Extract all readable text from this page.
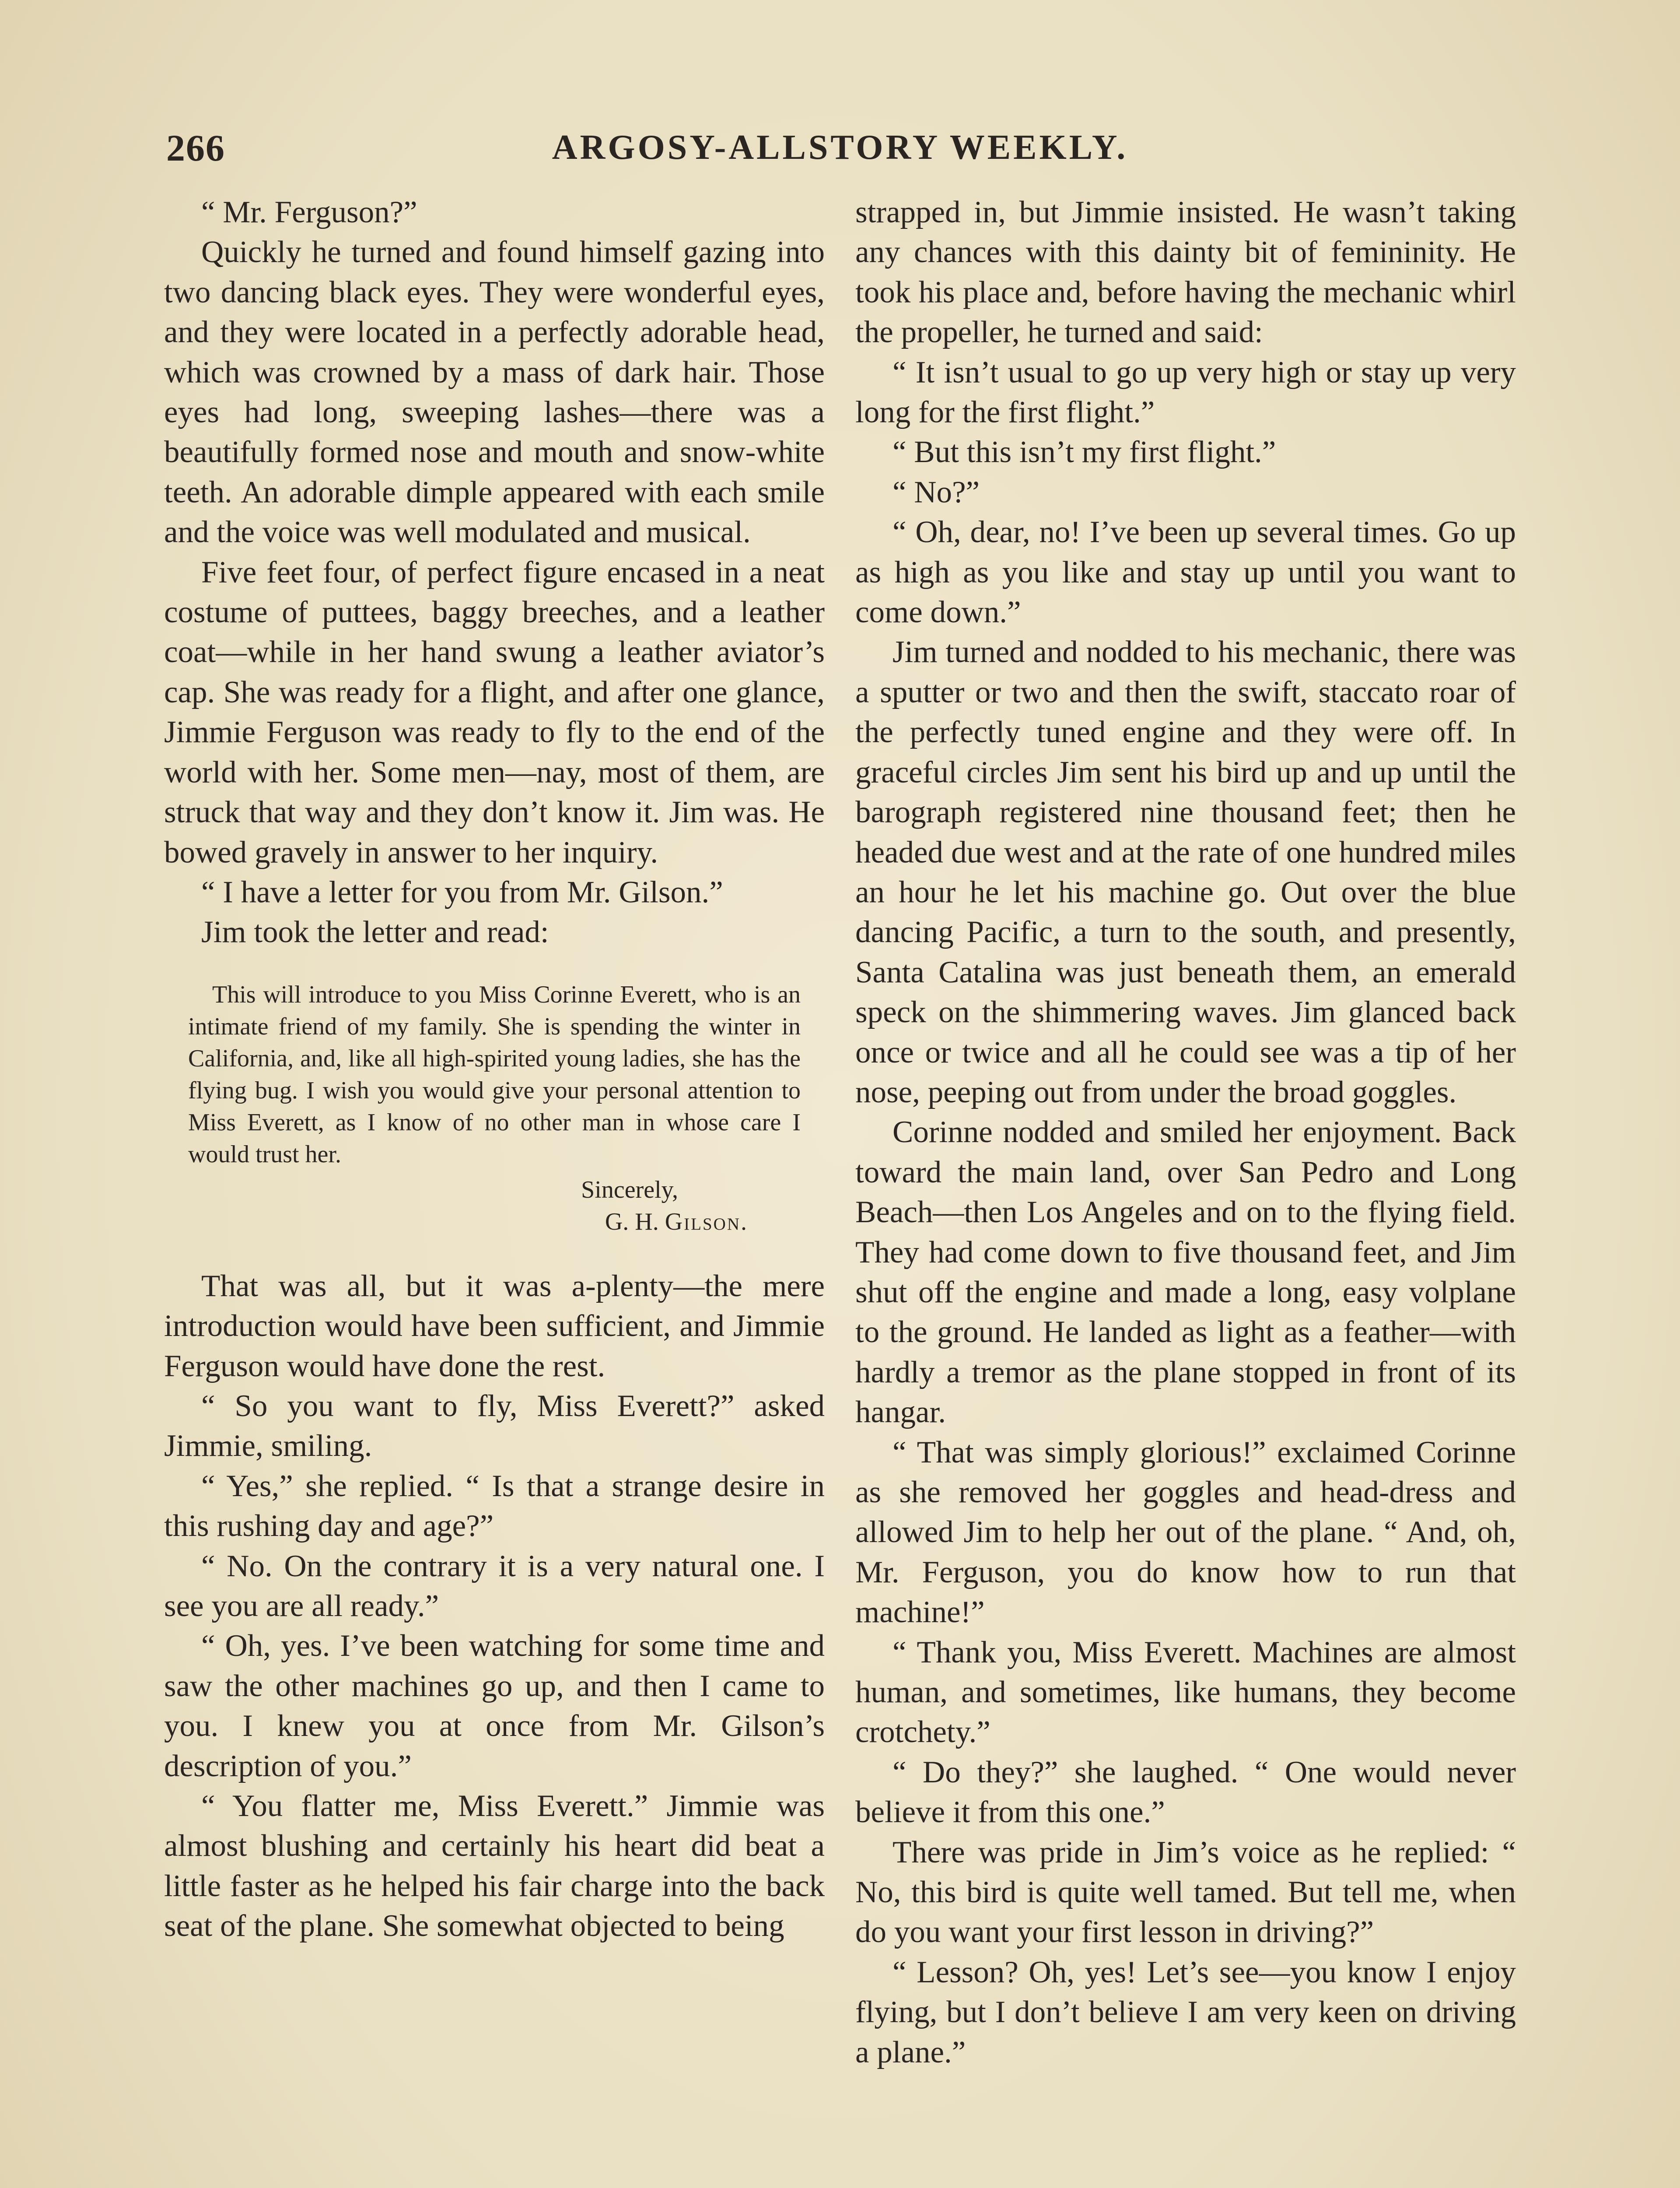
266	ARGOSY-ALLSTORY WEEKLY.

“ Mr. Ferguson?”

Quickly he turned and found himself gazing into two dancing black eyes. They were wonderful eyes, and they were located in a perfectly adorable head, which was crowned by a mass of dark hair. Those eyes had long, sweeping lashes—there was a beautifully formed nose and mouth and snow-white teeth. An adorable dimple appeared with each smile and the voice was well modulated and musical.

Five feet four, of perfect figure encased in a neat costume of puttees, baggy breeches, and a leather coat—while in her hand swung a leather aviator’s cap. She was ready for a flight, and after one glance, Jimmie Ferguson was ready to fly to the end of the world with her. Some men—nay, most of them, are struck that way and they don’t know it. Jim was. He bowed gravely in answer to her inquiry.

“ I have a letter for you from Mr. Gilson.”

Jim took the letter and read:

This will introduce to you Miss Corinne Everett, who is an intimate friend of my family. She is spending the winter in California, and, like all high-spirited young ladies, she has the flying bug. I wish you would give your personal attention to Miss Everett, as I know of no other man in whose care I would trust her.

Sincerely,
G. H. Gilson.

That was all, but it was a-plenty—the mere introduction would have been sufficient, and Jimmie Ferguson would have done the rest.

“ So you want to fly, Miss Everett?” asked Jimmie, smiling.

“ Yes,” she replied. “ Is that a strange desire in this rushing day and age?”

“ No. On the contrary it is a very natural one. I see you are all ready.”

“ Oh, yes. I’ve been watching for some time and saw the other machines go up, and then I came to you. I knew you at once from Mr. Gilson’s description of you.”

“ You flatter me, Miss Everett.” Jimmie was almost blushing and certainly his heart did beat a little faster as he helped his fair charge into the back seat of the plane. She somewhat objected to being

strapped in, but Jimmie insisted. He wasn’t taking any chances with this dainty bit of femininity. He took his place and, before having the mechanic whirl the propeller, he turned and said:

“ It isn’t usual to go up very high or stay up very long for the first flight.”

“ But this isn’t my first flight.”

“ No?”

“ Oh, dear, no! I’ve been up several times. Go up as high as you like and stay up until you want to come down.”

Jim turned and nodded to his mechanic, there was a sputter or two and then the swift, staccato roar of the perfectly tuned engine and they were off. In graceful circles Jim sent his bird up and up until the barograph registered nine thousand feet; then he headed due west and at the rate of one hundred miles an hour he let his machine go. Out over the blue dancing Pacific, a turn to the south, and presently, Santa Catalina was just beneath them, an emerald speck on the shimmering waves. Jim glanced back once or twice and all he could see was a tip of her nose, peeping out from under the broad goggles.

Corinne nodded and smiled her enjoyment. Back toward the main land, over San Pedro and Long Beach—then Los Angeles and on to the flying field. They had come down to five thousand feet, and Jim shut off the engine and made a long, easy volplane to the ground. He landed as light as a feather—with hardly a tremor as the plane stopped in front of its hangar.

“ That was simply glorious!” exclaimed Corinne as she removed her goggles and head-dress and allowed Jim to help her out of the plane. “ And, oh, Mr. Ferguson, you do know how to run that machine!”

“ Thank you, Miss Everett. Machines are almost human, and sometimes, like humans, they become crotchety.”

“ Do they?” she laughed. “ One would never believe it from this one.”

There was pride in Jim’s voice as he replied: “ No, this bird is quite well tamed. But tell me, when do you want your first lesson in driving?”

“ Lesson? Oh, yes! Let’s see—you know I enjoy flying, but I don’t believe I am very keen on driving a plane.”
